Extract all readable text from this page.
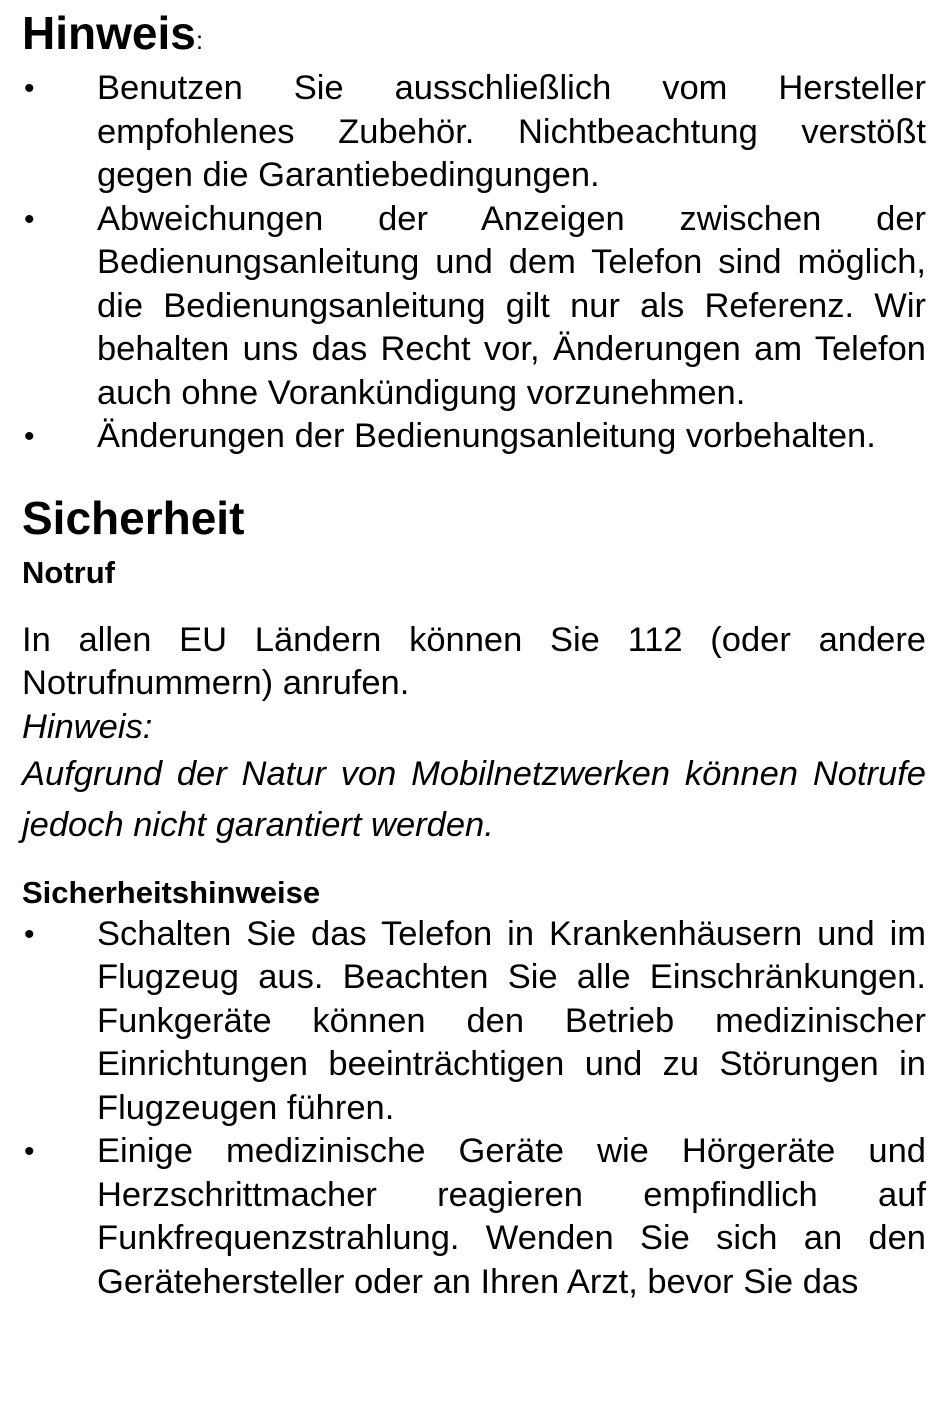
Hinweis:
• Benutzen Sie ausschließlich vom Hersteller empfohlenes Zubehör. Nichtbeachtung verstößt gegen die Garantiebedingungen.
• Abweichungen der Anzeigen zwischen der Bedienungsanleitung und dem Telefon sind möglich, die Bedienungsanleitung gilt nur als Referenz. Wir behalten uns das Recht vor, Änderungen am Telefon auch ohne Vorankündigung vorzunehmen.
• Änderungen der Bedienungsanleitung vorbehalten.
Sicherheit
Notruf

In allen EU Ländern können Sie 112 (oder andere Notrufnummern) anrufen.

Hinweis:

Aufgrund der Natur von Mobilnetzwerken können Notrufe jedoch nicht garantiert werden.

Sicherheitshinweise
• Schalten Sie das Telefon in Krankenhäusern und im Flugzeug aus. Beachten Sie alle Einschränkungen. Funkgeräte können den Betrieb medizinischer Einrichtungen beeinträchtigen und zu Störungen in Flugzeugen führen.
• Einige medizinische Geräte wie Hörgeräte und Herzschrittmacher reagieren empfindlich auf Funkfrequenzstrahlung. Wenden Sie sich an den Gerätehersteller oder an Ihren Arzt, bevor Sie das
